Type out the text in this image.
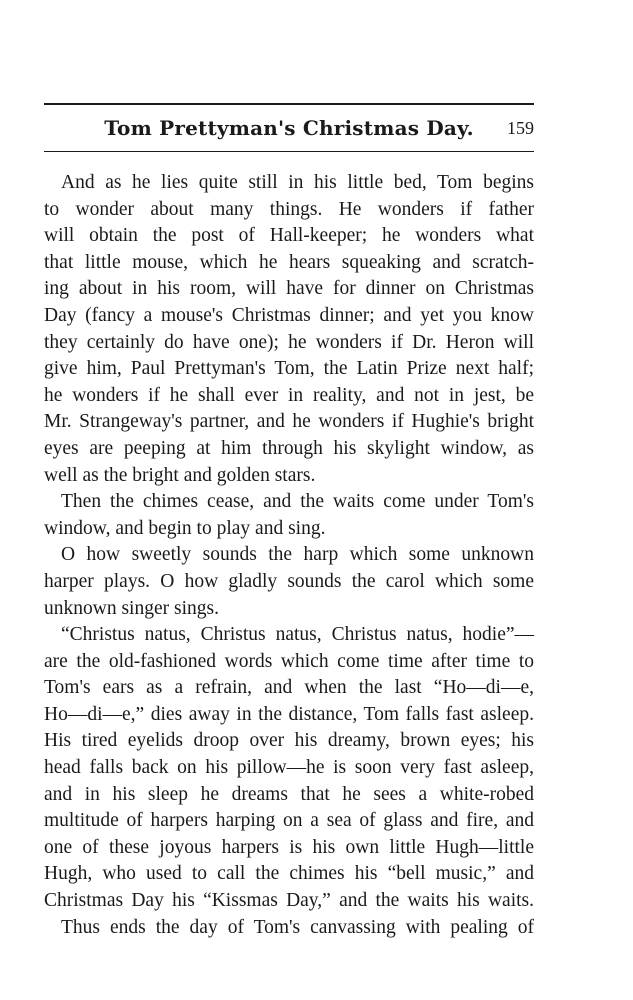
Tom Prettyman's Christmas Day.	159
And as he lies quite still in his little bed, Tom begins
to wonder about many things. He wonders if father
will obtain the post of Hall-keeper; he wonders what
that little mouse, which he hears squeaking and scratch-
ing about in his room, will have for dinner on Christmas
Day (fancy a mouse's Christmas dinner; and yet you know
they certainly do have one); he wonders if Dr. Heron will
give him, Paul Prettyman's Tom, the Latin Prize next half;
he wonders if he shall ever in reality, and not in jest, be
Mr. Strangeway's partner, and he wonders if Hughie's bright
eyes are peeping at him through his skylight window, as
well as the bright and golden stars.
Then the chimes cease, and the waits come under Tom's
window, and begin to play and sing.
O how sweetly sounds the harp which some unknown
harper plays. O how gladly sounds the carol which some
unknown singer sings.
“Christus natus, Christus natus, Christus natus, hodie”—
are the old-fashioned words which come time after time to
Tom's ears as a refrain, and when the last “Ho—di—e,
Ho—di—e,” dies away in the distance, Tom falls fast asleep.
His tired eyelids droop over his dreamy, brown eyes; his
head falls back on his pillow—he is soon very fast asleep,
and in his sleep he dreams that he sees a white-robed
multitude of harpers harping on a sea of glass and fire, and
one of these joyous harpers is his own little Hugh—little
Hugh, who used to call the chimes his “bell music,” and
Christmas Day his “Kissmas Day,” and the waits his waits.
Thus ends the day of Tom's canvassing with pealing of
